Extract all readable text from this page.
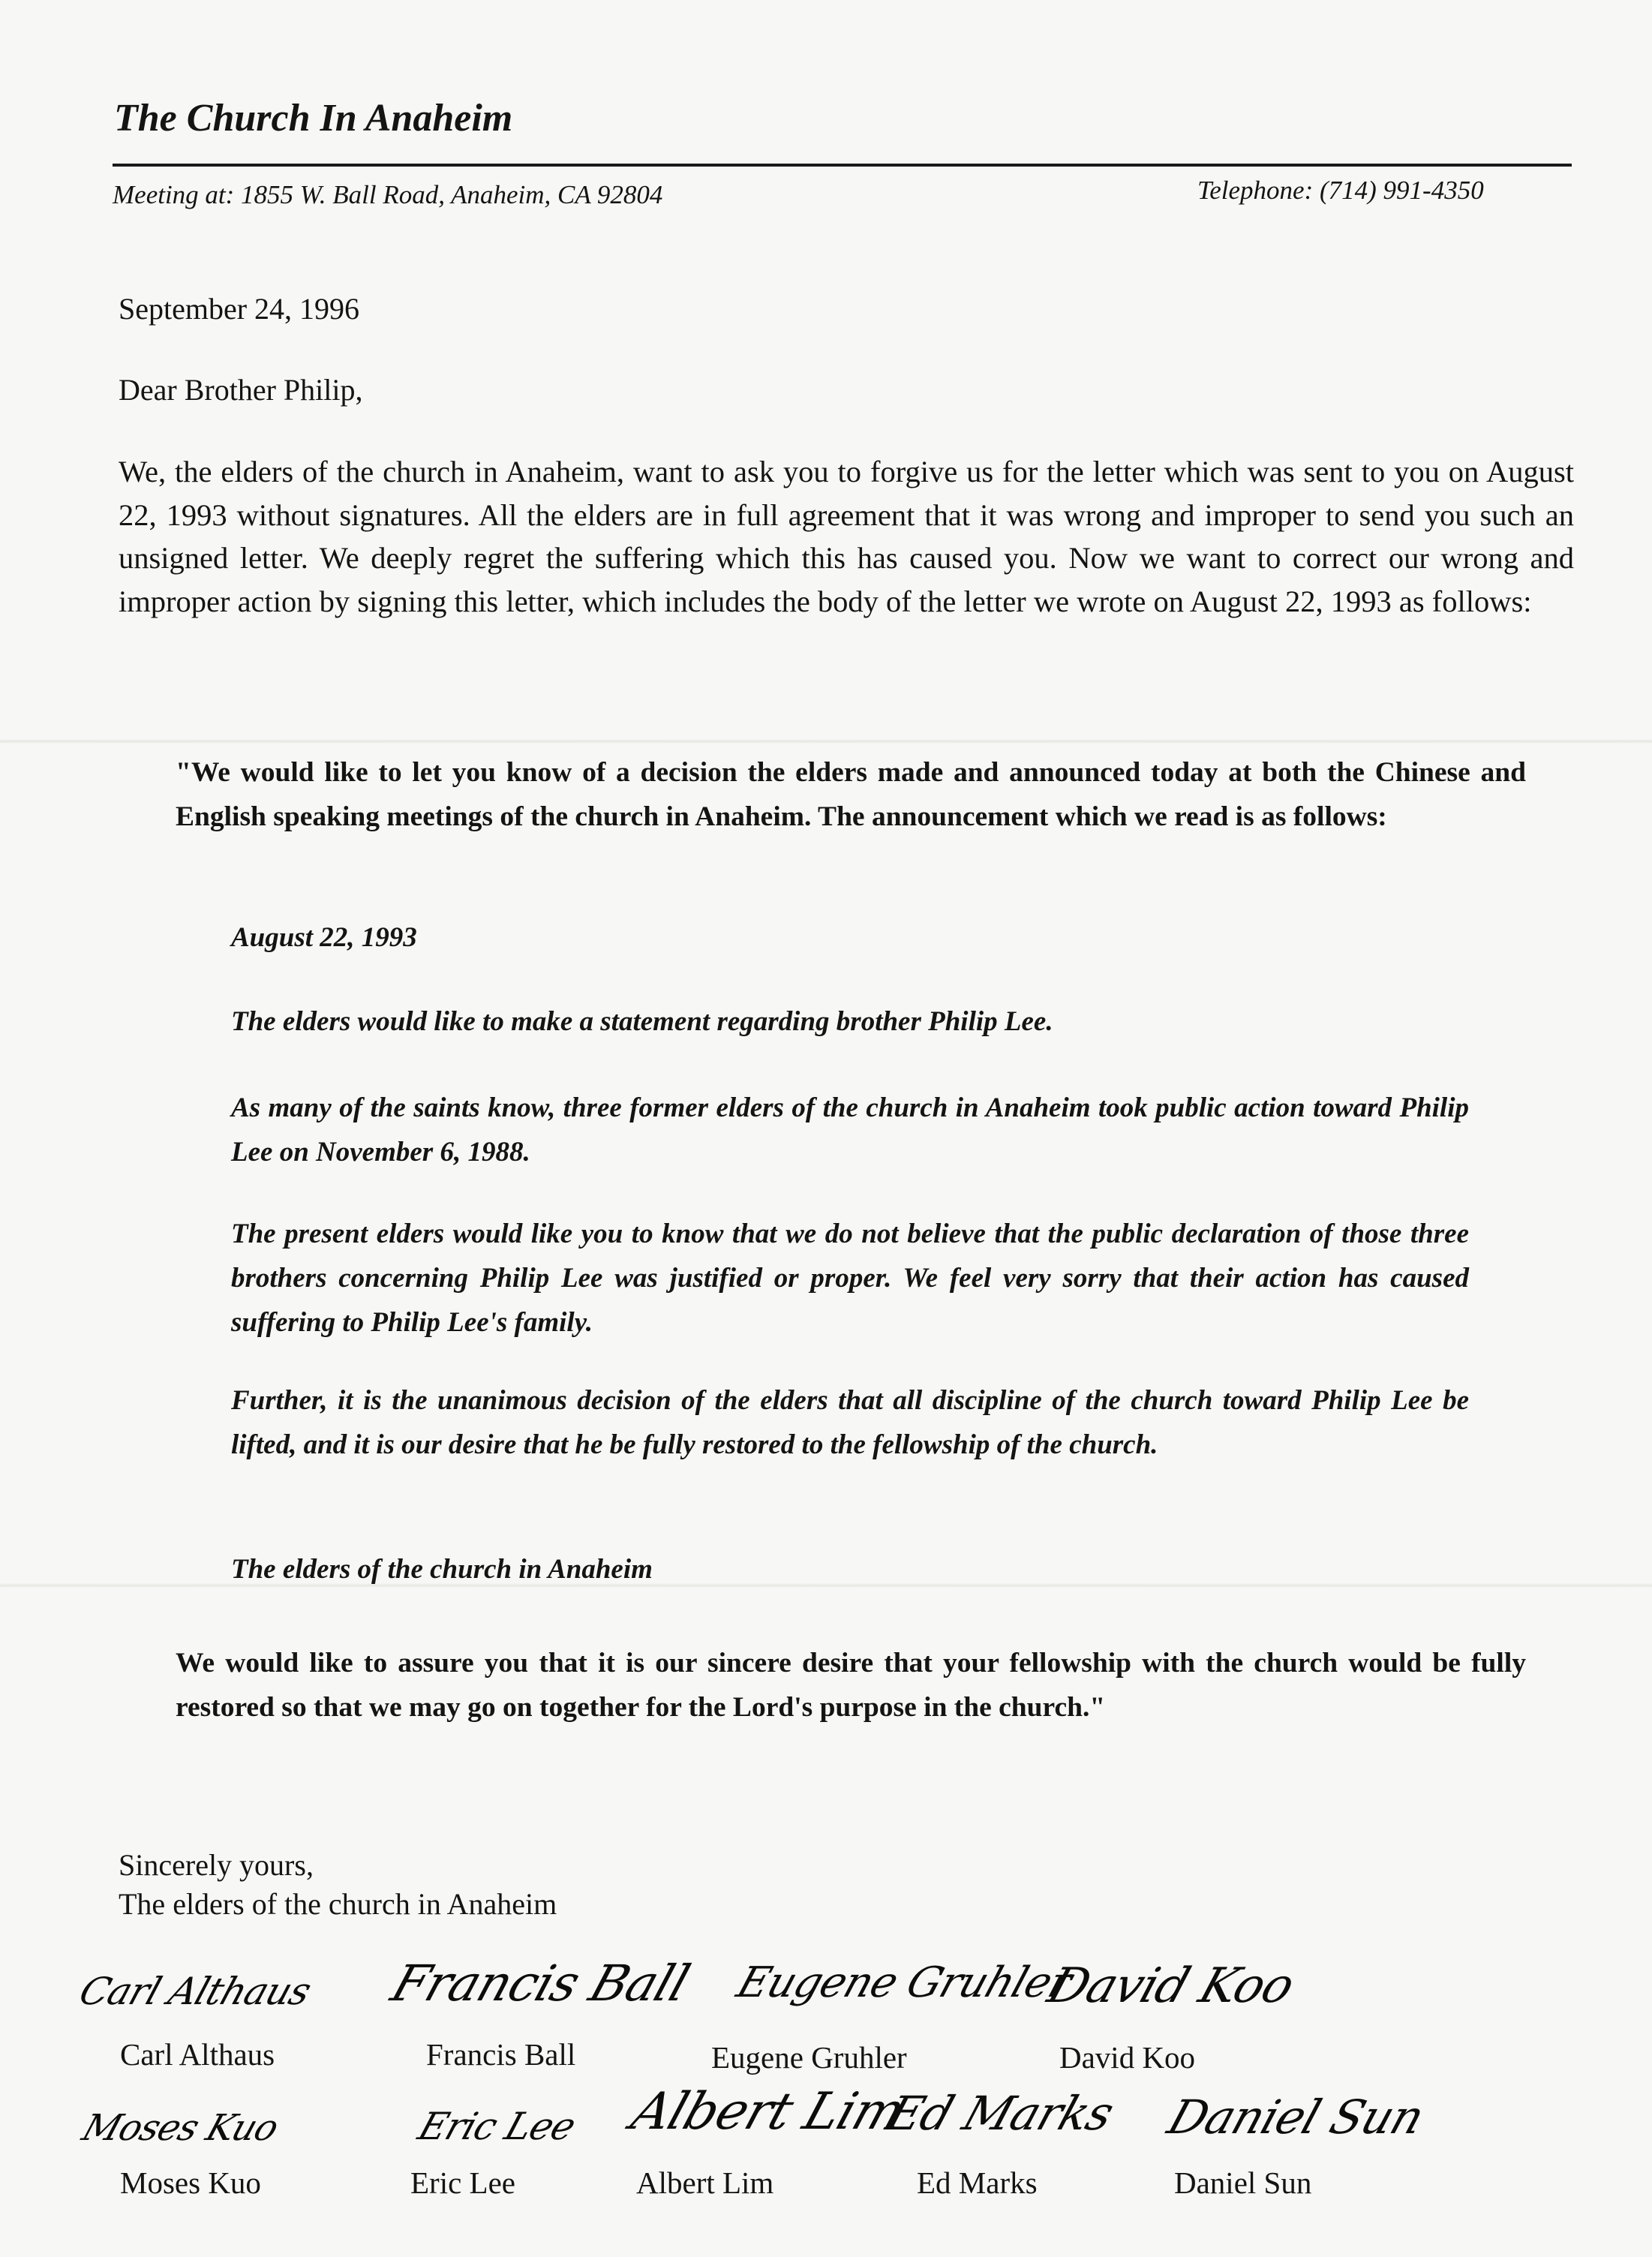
The Church In Anaheim
Meeting at: 1855 W. Ball Road, Anaheim, CA 92804	Telephone: (714) 991-4350

September 24, 1996

Dear Brother Philip,

We, the elders of the church in Anaheim, want to ask you to forgive us for the letter which was sent to you on August 22, 1993 without signatures. All the elders are in full agreement that it was wrong and improper to send you such an unsigned letter. We deeply regret the suffering which this has caused you. Now we want to correct our wrong and improper action by signing this letter, which includes the body of the letter we wrote on August 22, 1993 as follows:

"We would like to let you know of a decision the elders made and announced today at both the Chinese and English speaking meetings of the church in Anaheim. The announcement which we read is as follows:

August 22, 1993

The elders would like to make a statement regarding brother Philip Lee.

As many of the saints know, three former elders of the church in Anaheim took public action toward Philip Lee on November 6, 1988.

The present elders would like you to know that we do not believe that the public declaration of those three brothers concerning Philip Lee was justified or proper. We feel very sorry that their action has caused suffering to Philip Lee's family.

Further, it is the unanimous decision of the elders that all discipline of the church toward Philip Lee be lifted, and it is our desire that he be fully restored to the fellowship of the church.

The elders of the church in Anaheim

We would like to assure you that it is our sincere desire that your fellowship with the church would be fully restored so that we may go on together for the Lord's purpose in the church."

Sincerely yours,
The elders of the church in Anaheim
Carl Althaus
Carl Althaus
Francis Ball
Francis Ball
Eugene Gruhler
Eugene Gruhler
David Koo
David Koo
Moses Kuo
Moses Kuo
Eric Lee
Eric Lee
Albert Lim
Albert Lim
Ed Marks
Ed Marks
Daniel Sun
Daniel Sun
